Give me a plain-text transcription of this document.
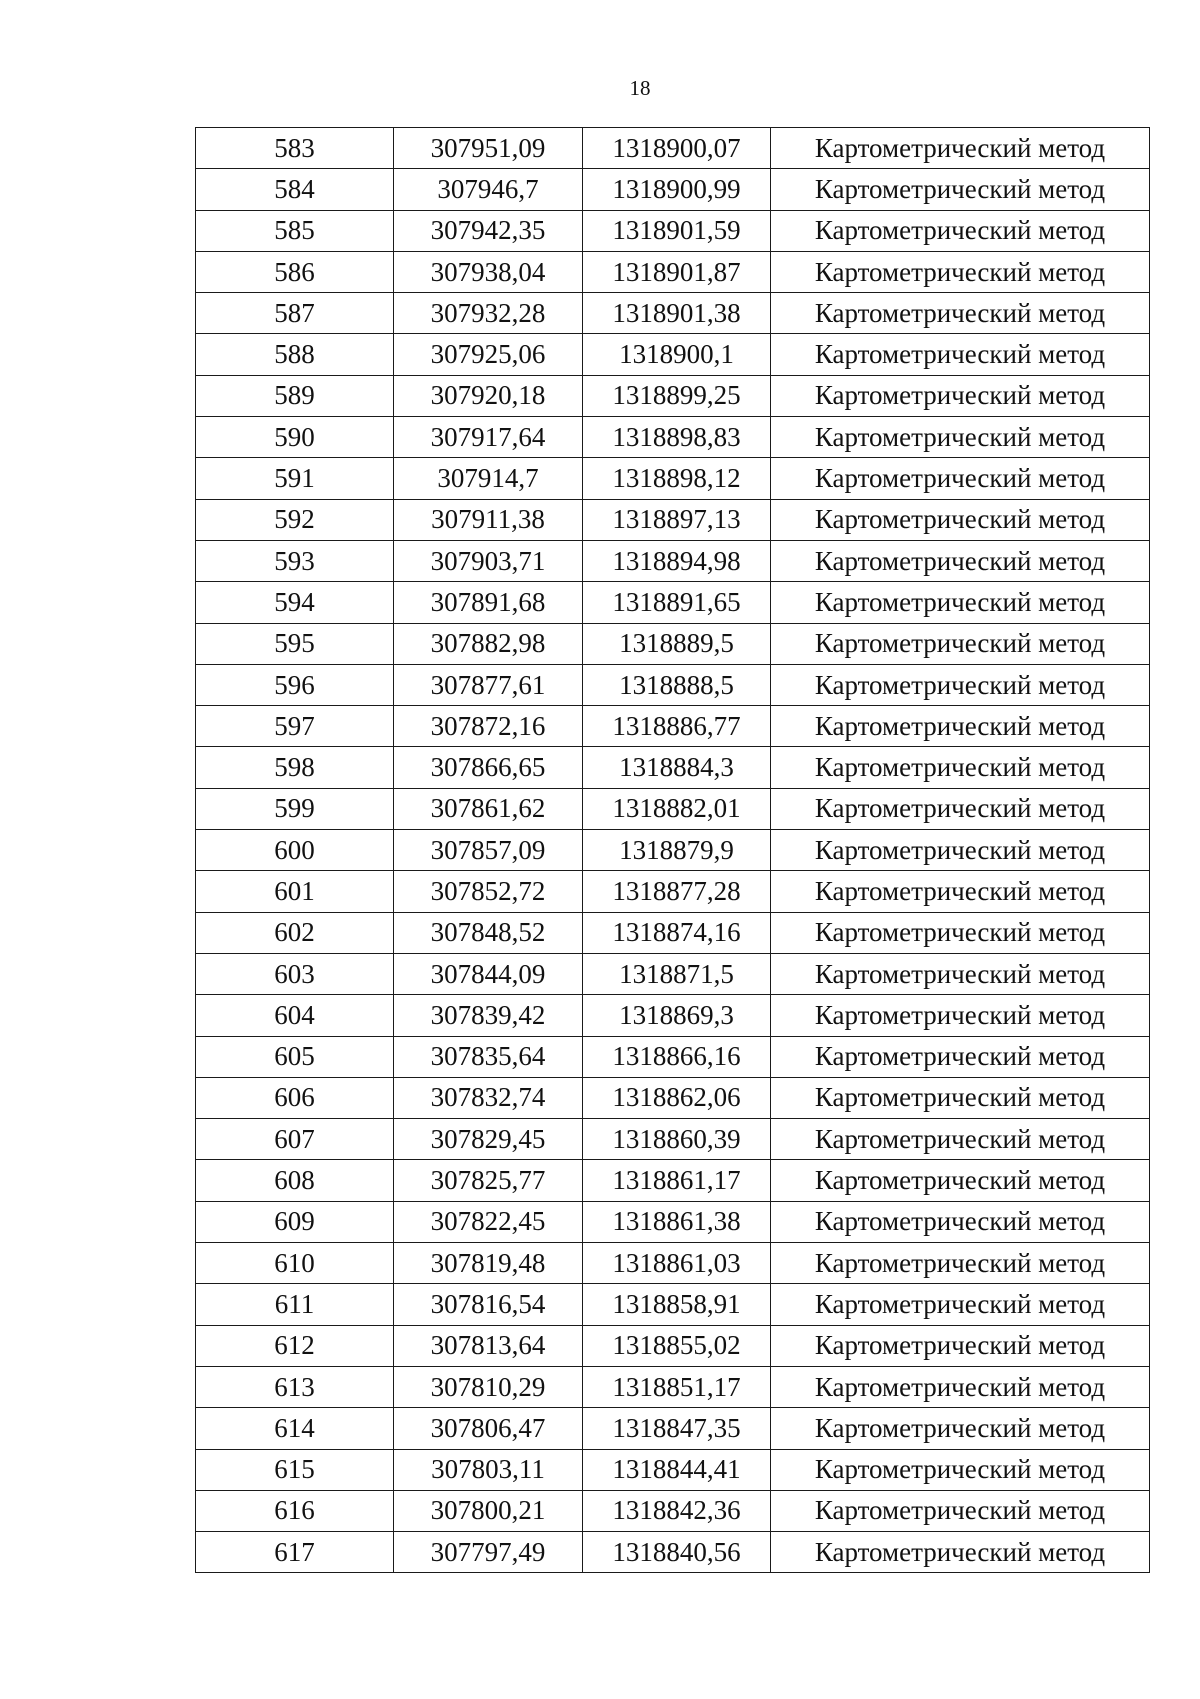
18
583	307951,09	1318900,07	Картометрический метод
584	307946,7	1318900,99	Картометрический метод
585	307942,35	1318901,59	Картометрический метод
586	307938,04	1318901,87	Картометрический метод
587	307932,28	1318901,38	Картометрический метод
588	307925,06	1318900,1	Картометрический метод
589	307920,18	1318899,25	Картометрический метод
590	307917,64	1318898,83	Картометрический метод
591	307914,7	1318898,12	Картометрический метод
592	307911,38	1318897,13	Картометрический метод
593	307903,71	1318894,98	Картометрический метод
594	307891,68	1318891,65	Картометрический метод
595	307882,98	1318889,5	Картометрический метод
596	307877,61	1318888,5	Картометрический метод
597	307872,16	1318886,77	Картометрический метод
598	307866,65	1318884,3	Картометрический метод
599	307861,62	1318882,01	Картометрический метод
600	307857,09	1318879,9	Картометрический метод
601	307852,72	1318877,28	Картометрический метод
602	307848,52	1318874,16	Картометрический метод
603	307844,09	1318871,5	Картометрический метод
604	307839,42	1318869,3	Картометрический метод
605	307835,64	1318866,16	Картометрический метод
606	307832,74	1318862,06	Картометрический метод
607	307829,45	1318860,39	Картометрический метод
608	307825,77	1318861,17	Картометрический метод
609	307822,45	1318861,38	Картометрический метод
610	307819,48	1318861,03	Картометрический метод
611	307816,54	1318858,91	Картометрический метод
612	307813,64	1318855,02	Картометрический метод
613	307810,29	1318851,17	Картометрический метод
614	307806,47	1318847,35	Картометрический метод
615	307803,11	1318844,41	Картометрический метод
616	307800,21	1318842,36	Картометрический метод
617	307797,49	1318840,56	Картометрический метод
